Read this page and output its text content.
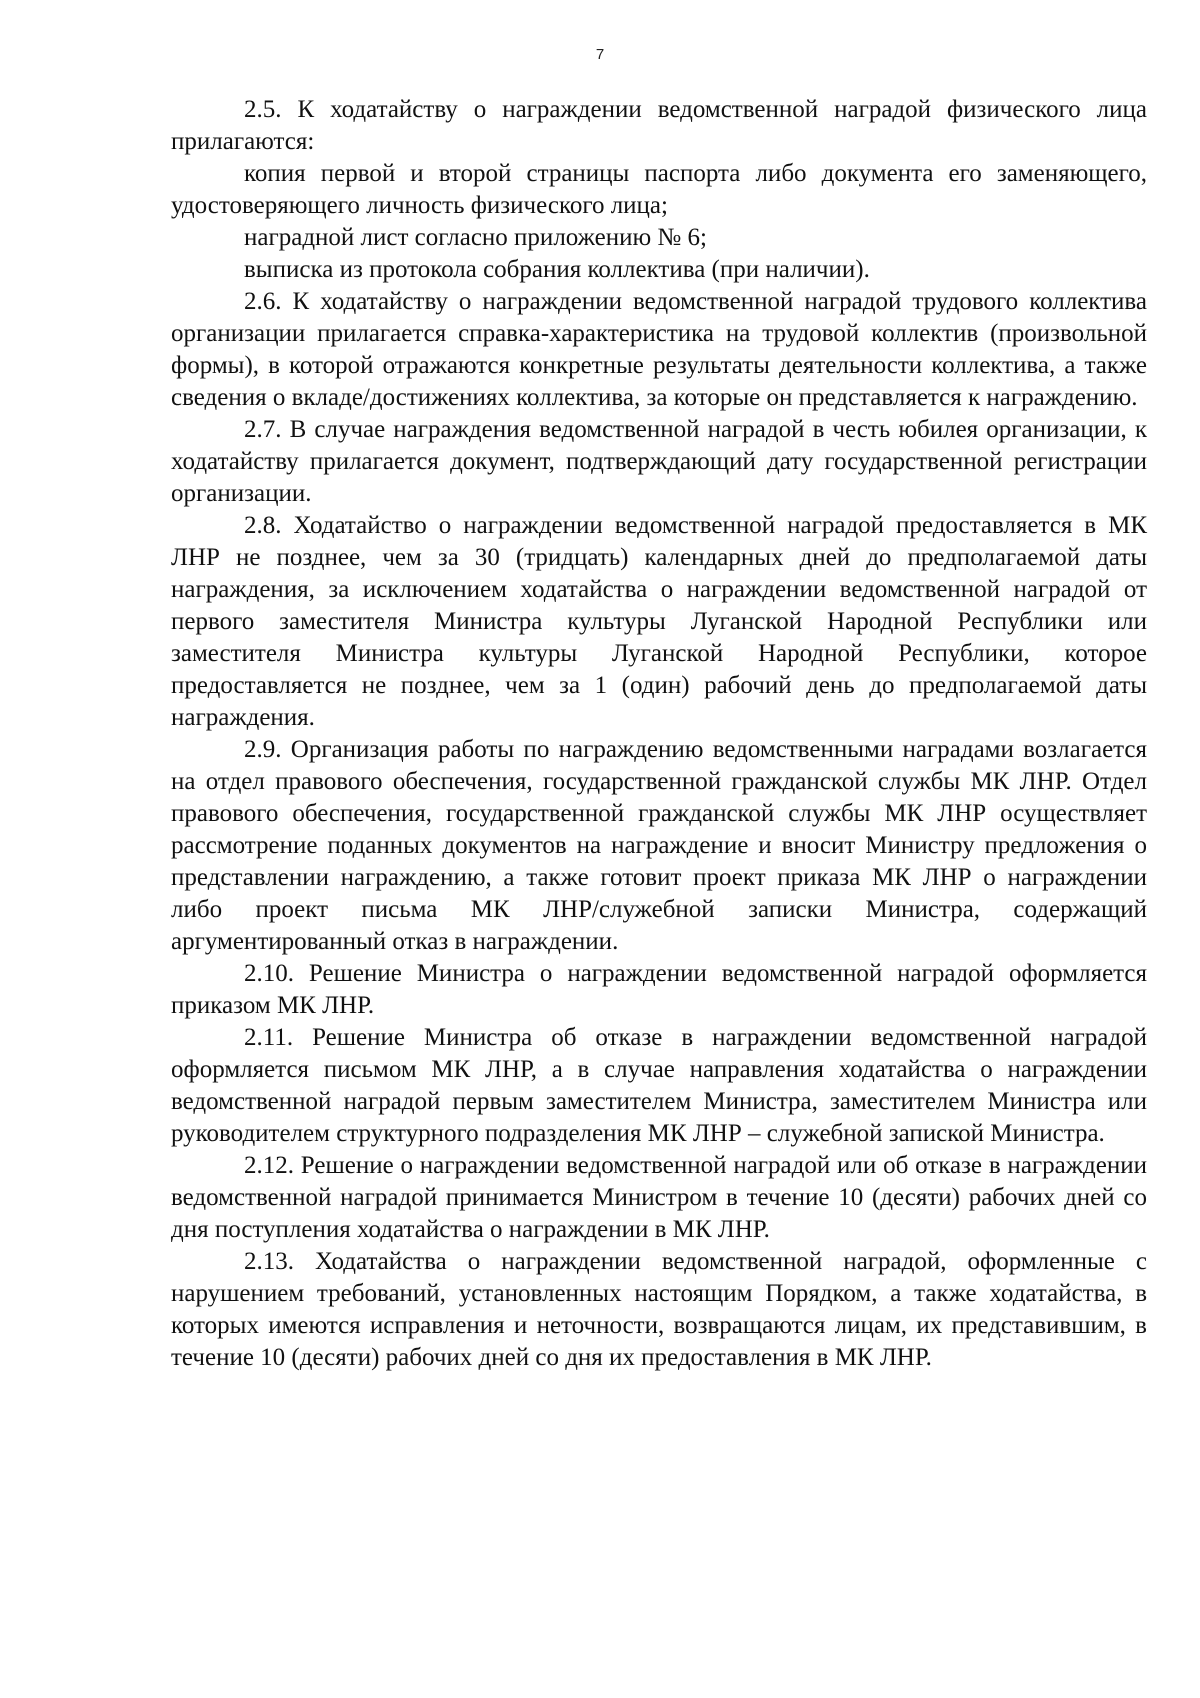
7

2.5. К ходатайству о награждении ведомственной наградой физического лица прилагаются:

копия первой и второй страницы паспорта либо документа его заменяющего, удостоверяющего личность физического лица;

наградной лист согласно приложению № 6;

выписка из протокола собрания коллектива (при наличии).

2.6. К ходатайству о награждении ведомственной наградой трудового коллектива организации прилагается справка-характеристика на трудовой коллектив (произвольной формы), в которой отражаются конкретные результаты деятельности коллектива, а также сведения о вкладе/достижениях коллектива, за которые он представляется к награждению.

2.7. В случае награждения ведомственной наградой в честь юбилея организации, к ходатайству прилагается документ, подтверждающий дату государственной регистрации организации.

2.8. Ходатайство о награждении ведомственной наградой предоставляется в МК ЛНР не позднее, чем за 30 (тридцать) календарных дней до предполагаемой даты награждения, за исключением ходатайства о награждении ведомственной наградой от первого заместителя Министра культуры Луганской Народной Республики или заместителя Министра культуры Луганской Народной Республики, которое предоставляется не позднее, чем за 1 (один) рабочий день до предполагаемой даты награждения.

2.9. Организация работы по награждению ведомственными наградами возлагается на отдел правового обеспечения, государственной гражданской службы МК ЛНР. Отдел правового обеспечения, государственной гражданской службы МК ЛНР осуществляет рассмотрение поданных документов на награждение и вносит Министру предложения о представлении награждению, а также готовит проект приказа МК ЛНР о награждении либо проект письма МК ЛНР/служебной записки Министра, содержащий аргументированный отказ в награждении.

2.10. Решение Министра о награждении ведомственной наградой оформляется приказом МК ЛНР.

2.11. Решение Министра об отказе в награждении ведомственной наградой оформляется письмом МК ЛНР, а в случае направления ходатайства о награждении ведомственной наградой первым заместителем Министра, заместителем Министра или руководителем структурного подразделения МК ЛНР – служебной запиской Министра.

2.12. Решение о награждении ведомственной наградой или об отказе в награждении ведомственной наградой принимается Министром в течение 10 (десяти) рабочих дней со дня поступления ходатайства о награждении в МК ЛНР.

2.13. Ходатайства о награждении ведомственной наградой, оформленные с нарушением требований, установленных настоящим Порядком, а также ходатайства, в которых имеются исправления и неточности, возвращаются лицам, их представившим, в течение 10 (десяти) рабочих дней со дня их предоставления в МК ЛНР.
